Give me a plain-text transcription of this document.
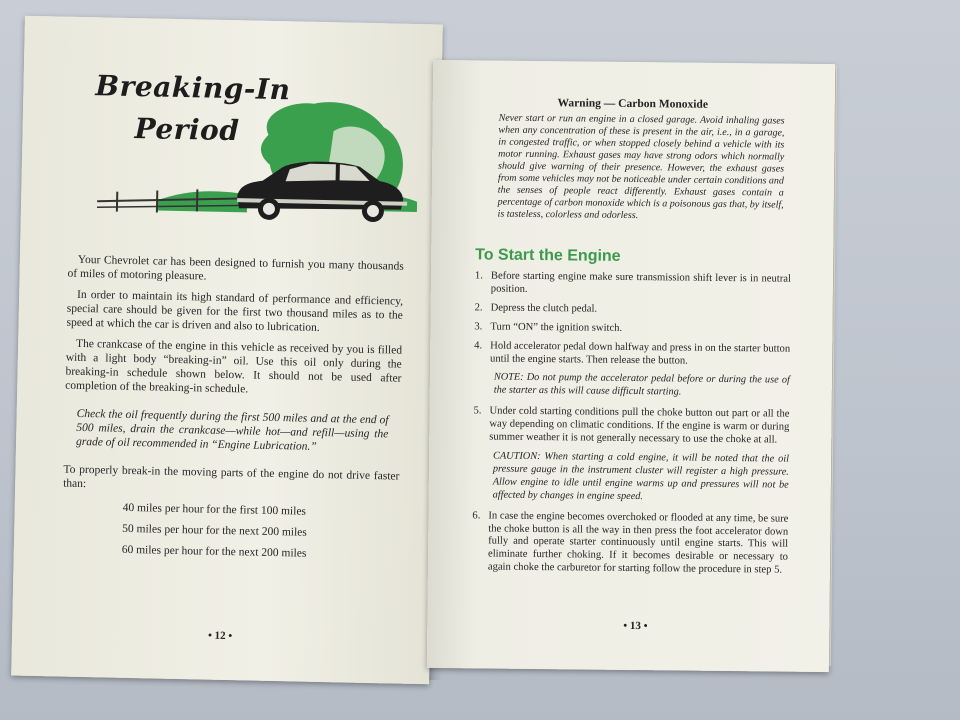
Breaking-In
Period

Your Chevrolet car has been designed to furnish you many thousands of miles of motoring pleasure.

In order to maintain its high standard of performance and efficiency, special care should be given for the first two thousand miles as to the speed at which the car is driven and also to lubrication.

The crankcase of the engine in this vehicle as received by you is filled with a light body “breaking-in” oil. Use this oil only during the breaking-in schedule shown below. It should not be used after completion of the breaking-in schedule.

Check the oil frequently during the first 500 miles and at the end of 500 miles, drain the crankcase—while hot—and refill—using the grade of oil recommended in “Engine Lubrication.”

To properly break-in the moving parts of the engine do not drive faster than:

40 miles per hour for the first 100 miles
50 miles per hour for the next 200 miles
60 miles per hour for the next 200 miles
• 12 •
Warning — Carbon Monoxide
Never start or run an engine in a closed garage. Avoid inhaling gases when any concentration of these is present in the air, i.e., in a garage, in congested traffic, or when stopped closely behind a vehicle with its motor running. Exhaust gases may have strong odors which normally should give warning of their presence. However, the exhaust gases from some vehicles may not be noticeable under certain conditions and the senses of people react differently. Exhaust gases contain a percentage of carbon monoxide which is a poisonous gas that, by itself, is tasteless, colorless and odorless.
To Start the Engine
1. Before starting engine make sure transmission shift lever is in neutral position.
2. Depress the clutch pedal.
3. Turn “ON” the ignition switch.
4. Hold accelerator pedal down halfway and press in on the starter button until the engine starts. Then release the button.
NOTE: Do not pump the accelerator pedal before or during the use of the starter as this will cause difficult starting.
5. Under cold starting conditions pull the choke button out part or all the way depending on climatic conditions. If the engine is warm or during summer weather it is not generally necessary to use the choke at all.
CAUTION: When starting a cold engine, it will be noted that the oil pressure gauge in the instrument cluster will register a high pressure. Allow engine to idle until engine warms up and pressures will not be affected by changes in engine speed.
6. In case the engine becomes overchoked or flooded at any time, be sure the choke button is all the way in then press the foot accelerator down fully and operate starter continuously until engine starts. This will eliminate further choking. If it becomes desirable or necessary to again choke the carburetor for starting follow the procedure in step 5.
• 13 •
